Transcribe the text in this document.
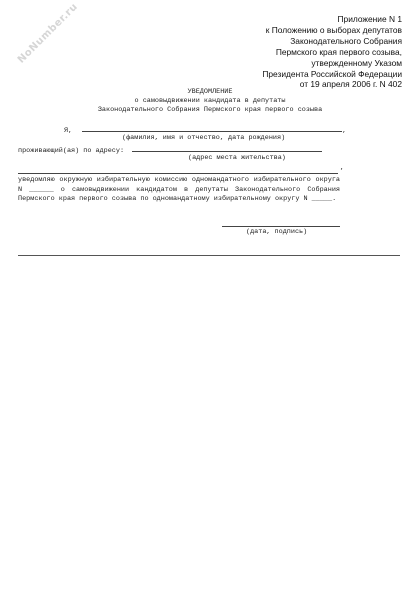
NoNumber.ru	Приложение N 1
к Положению о выборах депутатов
Законодательного Собрания
Пермского края первого созыва,
утвержденному Указом
Президента Российской Федерации
от 19 апреля 2006 г. N 402
УВЕДОМЛЕНИЕ
о самовыдвижении кандидата в депутаты
Законодательного Собрания Пермского края первого созыва
Я,	,
(фамилия, имя и отчество, дата рождения)
проживающий(ая) по адресу:
(адрес места жительства)
,
уведомляю окружную избирательную комиссию одномандатного избирательного округа N ______ о самовыдвижении кандидатом в депутаты Законодательного Собрания Пермского края первого созыва по одномандатному избирательному округу N _____.
(дата, подпись)
